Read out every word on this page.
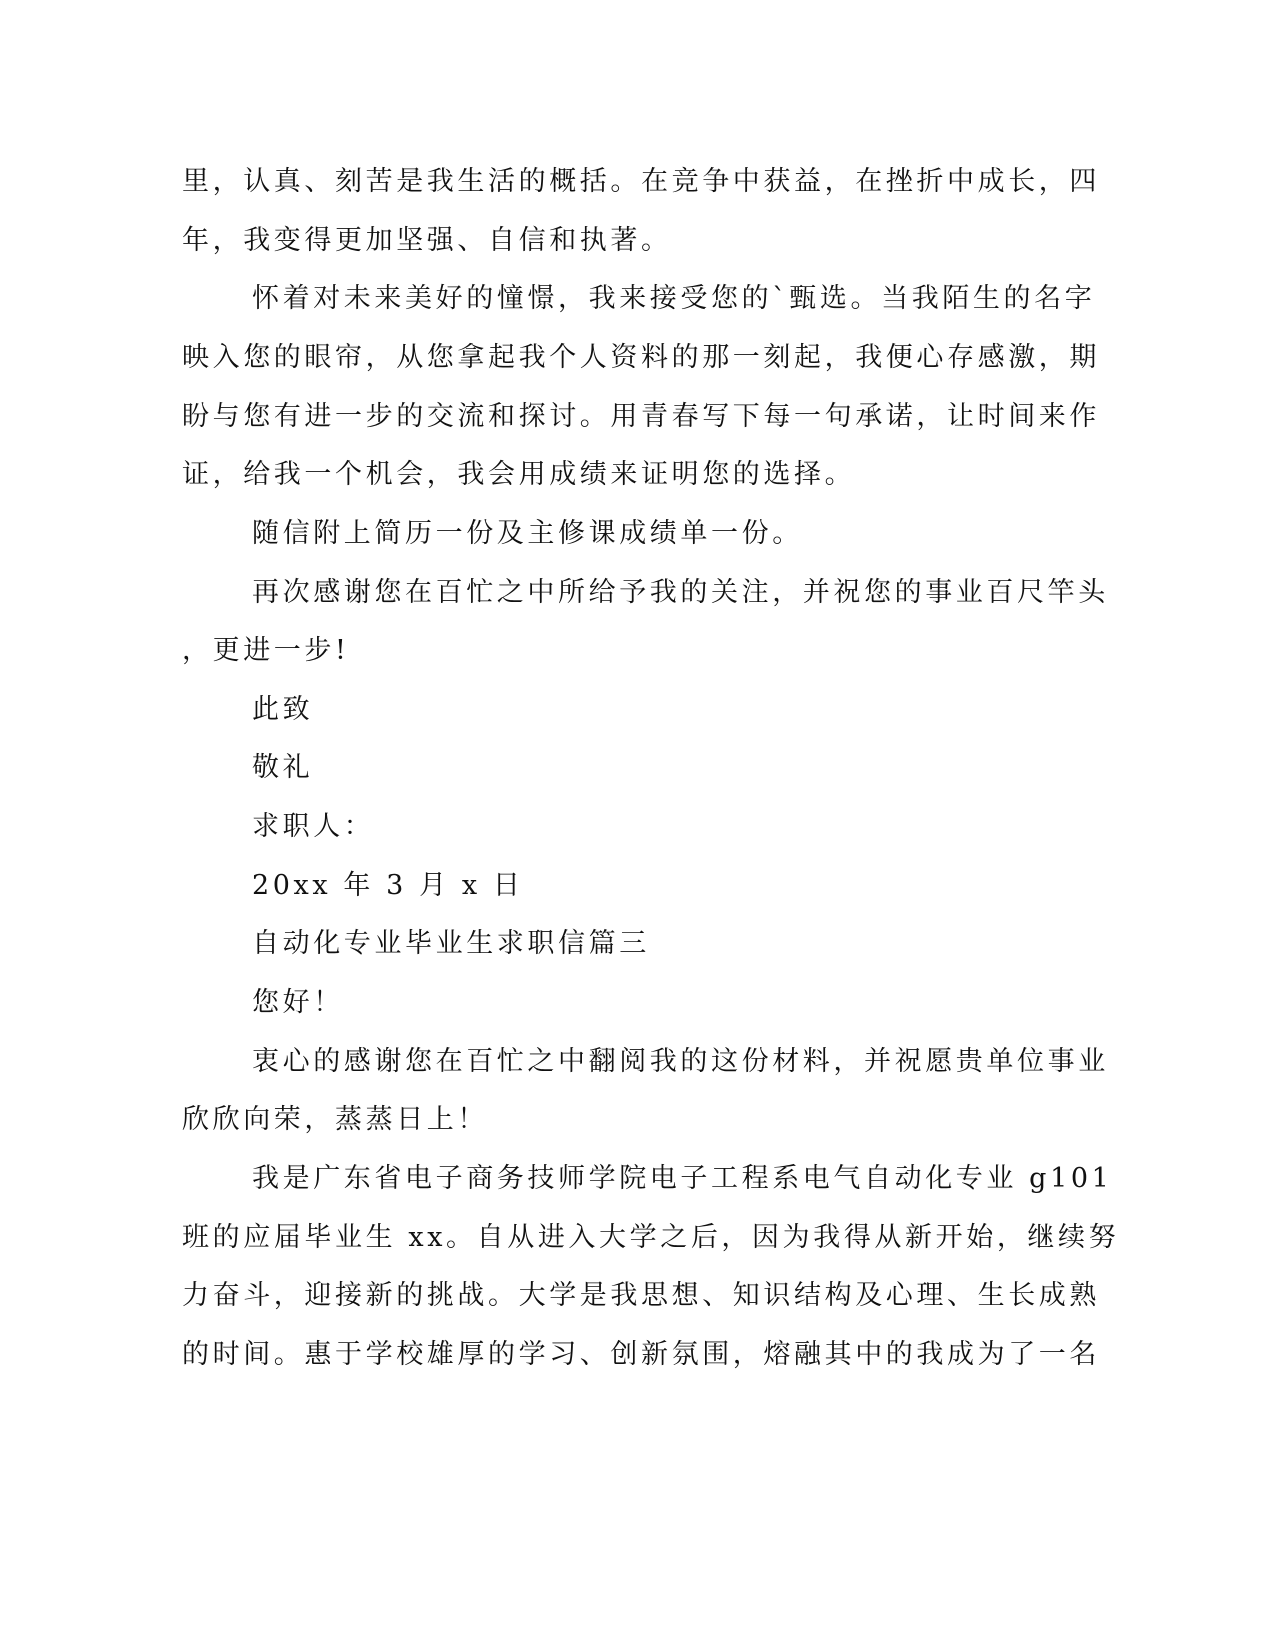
里，认真、刻苦是我生活的概括。在竞争中获益，在挫折中成长，四
年，我变得更加坚强、自信和执著。
怀着对未来美好的憧憬，我来接受您的`甄选。当我陌生的名字
映入您的眼帘，从您拿起我个人资料的那一刻起，我便心存感激，期
盼与您有进一步的交流和探讨。用青春写下每一句承诺，让时间来作
证，给我一个机会，我会用成绩来证明您的选择。
随信附上简历一份及主修课成绩单一份。
再次感谢您在百忙之中所给予我的关注，并祝您的事业百尺竿头
，更进一步!
此致
敬礼
求职人：
20xx 年 3 月 x 日
自动化专业毕业生求职信篇三
您好！
衷心的感谢您在百忙之中翻阅我的这份材料，并祝愿贵单位事业
欣欣向荣，蒸蒸日上！
我是广东省电子商务技师学院电子工程系电气自动化专业 g101
班的应届毕业生 xx。自从进入大学之后，因为我得从新开始，继续努
力奋斗，迎接新的挑战。大学是我思想、知识结构及心理、生长成熟
的时间。惠于学校雄厚的学习、创新氛围，熔融其中的我成为了一名
